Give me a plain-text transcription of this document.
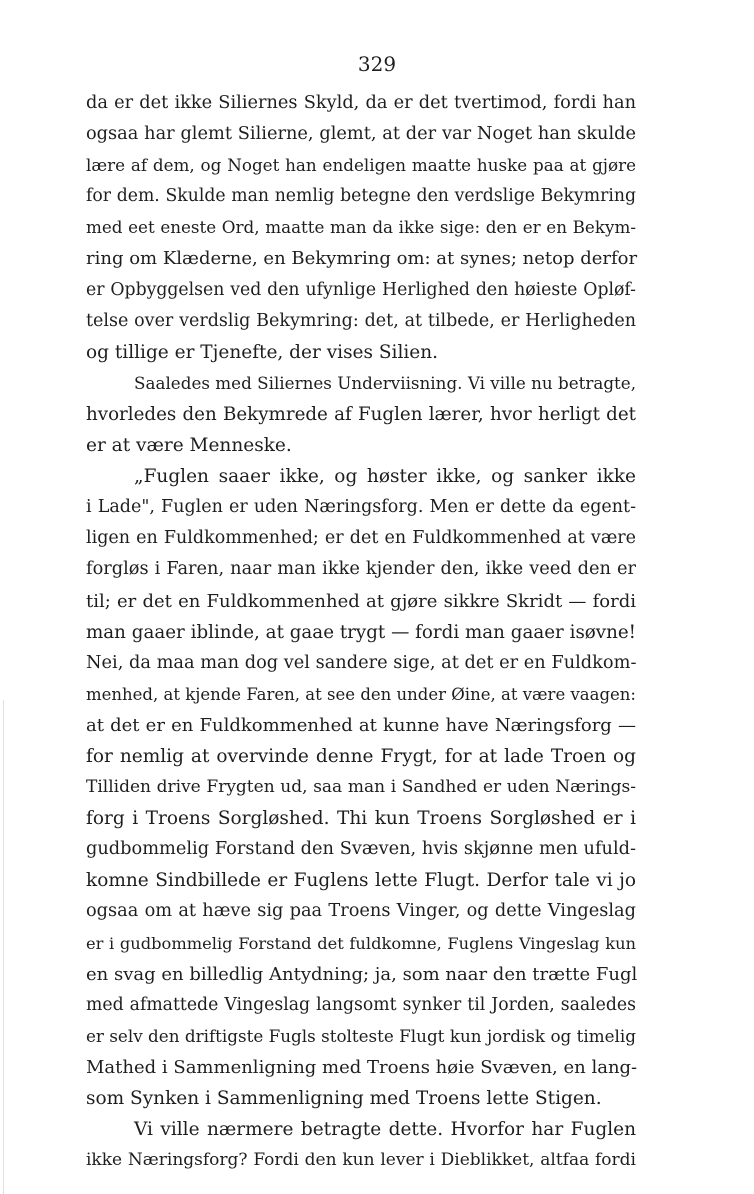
329
da er det ikke Siliernes Skyld, da er det tvertimod, fordi han
ogsaa har glemt Silierne, glemt, at der var Noget han skulde
lære af dem, og Noget han endeligen maatte huske paa at gjøre
for dem. Skulde man nemlig betegne den verdslige Bekymring
med eet eneste Ord, maatte man da ikke sige: den er en Bekym-
ring om Klæderne, en Bekymring om: at synes; netop derfor
er Opbyggelsen ved den ufynlige Herlighed den høieste Opløf-
telse over verdslig Bekymring: det, at tilbede, er Herligheden
og tillige er Tjenefte, der vises Silien.
Saaledes med Siliernes Underviisning. Vi ville nu betragte,
hvorledes den Bekymrede af Fuglen lærer, hvor herligt det
er at være Menneske.
„Fuglen saaer ikke, og høster ikke, og sanker ikke
i Lade", Fuglen er uden Næringsforg. Men er dette da egent-
ligen en Fuldkommenhed; er det en Fuldkommenhed at være
forgløs i Faren, naar man ikke kjender den, ikke veed den er
til; er det en Fuldkommenhed at gjøre sikkre Skridt — fordi
man gaaer iblinde, at gaae trygt — fordi man gaaer isøvne!
Nei, da maa man dog vel sandere sige, at det er en Fuldkom-
menhed, at kjende Faren, at see den under Øine, at være vaagen:
at det er en Fuldkommenhed at kunne have Næringsforg —
for nemlig at overvinde denne Frygt, for at lade Troen og
Tilliden drive Frygten ud, saa man i Sandhed er uden Nærings-
forg i Troens Sorgløshed. Thi kun Troens Sorgløshed er i
gudbommelig Forstand den Svæven, hvis skjønne men ufuld-
komne Sindbillede er Fuglens lette Flugt. Derfor tale vi jo
ogsaa om at hæve sig paa Troens Vinger, og dette Vingeslag
er i gudbommelig Forstand det fuldkomne, Fuglens Vingeslag kun
en svag en billedlig Antydning; ja, som naar den trætte Fugl
med afmattede Vingeslag langsomt synker til Jorden, saaledes
er selv den driftigste Fugls stolteste Flugt kun jordisk og timelig
Mathed i Sammenligning med Troens høie Svæven, en lang-
som Synken i Sammenligning med Troens lette Stigen.
Vi ville nærmere betragte dette. Hvorfor har Fuglen
ikke Næringsforg? Fordi den kun lever i Dieblikket, altfaa fordi
